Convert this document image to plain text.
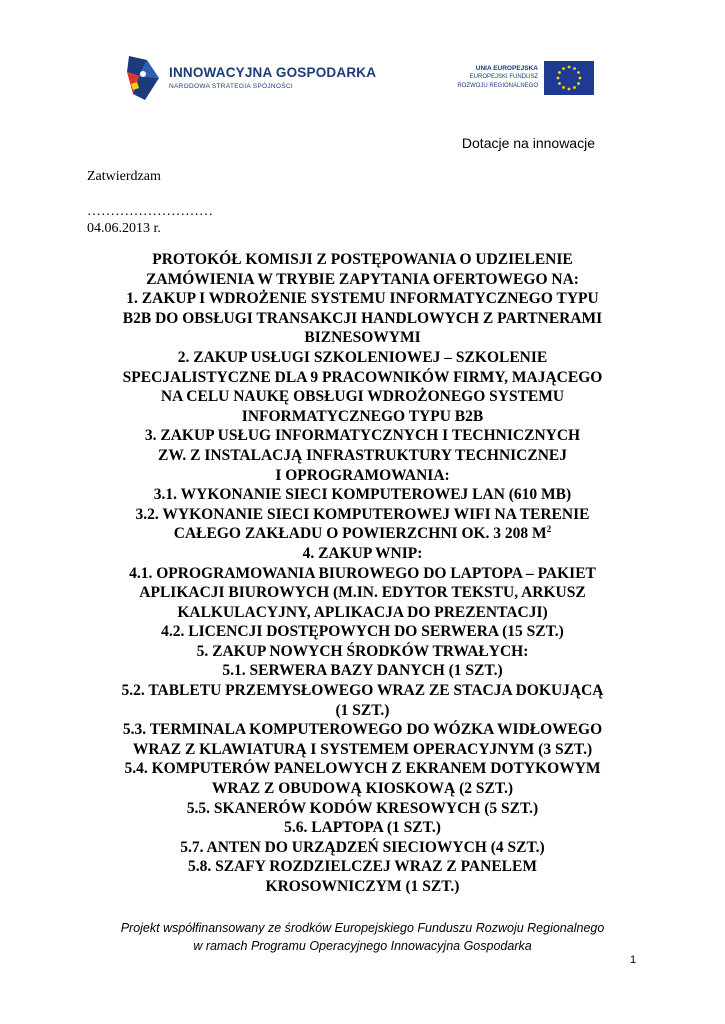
INNOWACYJNA GOSPODARKA
NARODOWA STRATEGIA SPÓJNOŚCI
UNIA EUROPEJSKA
EUROPEJSKI FUNDUSZ
ROZWOJU REGIONALNEGO
Dotacje na innowacje
Zatwierdzam
………………………
04.06.2013 r.
PROTOKÓŁ KOMISJI Z POSTĘPOWANIA O UDZIELENIE
ZAMÓWIENIA W TRYBIE ZAPYTANIA OFERTOWEGO NA:
1. ZAKUP I WDROŻENIE SYSTEMU INFORMATYCZNEGO TYPU
B2B DO OBSŁUGI TRANSAKCJI HANDLOWYCH Z PARTNERAMI
BIZNESOWYMI
2. ZAKUP USŁUGI SZKOLENIOWEJ – SZKOLENIE
SPECJALISTYCZNE DLA 9 PRACOWNIKÓW FIRMY, MAJĄCEGO
NA CELU NAUKĘ OBSŁUGI WDROŻONEGO SYSTEMU
INFORMATYCZNEGO TYPU B2B
3. ZAKUP USŁUG INFORMATYCZNYCH I TECHNICZNYCH
ZW. Z INSTALACJĄ INFRASTRUKTURY TECHNICZNEJ
I OPROGRAMOWANIA:
3.1. WYKONANIE SIECI KOMPUTEROWEJ LAN (610 MB)
3.2. WYKONANIE SIECI KOMPUTEROWEJ WIFI NA TERENIE
CAŁEGO ZAKŁADU O POWIERZCHNI OK. 3 208 $M^2$
4. ZAKUP WNIP:
4.1. OPROGRAMOWANIA BIUROWEGO DO LAPTOPA – PAKIET
APLIKACJI BIUROWYCH (M.IN. EDYTOR TEKSTU, ARKUSZ
KALKULACYJNY, APLIKACJA DO PREZENTACJI)
4.2. LICENCJI DOSTĘPOWYCH DO SERWERA (15 SZT.)
5. ZAKUP NOWYCH ŚRODKÓW TRWAŁYCH:
5.1. SERWERA BAZY DANYCH (1 SZT.)
5.2. TABLETU PRZEMYSŁOWEGO WRAZ ZE STACJA DOKUJĄCĄ
(1 SZT.)
5.3. TERMINALA KOMPUTEROWEGO DO WÓZKA WIDŁOWEGO
WRAZ Z KLAWIATURĄ I SYSTEMEM OPERACYJNYM (3 SZT.)
5.4. KOMPUTERÓW PANELOWYCH Z EKRANEM DOTYKOWYM
WRAZ Z OBUDOWĄ KIOSKOWĄ (2 SZT.)
5.5. SKANERÓW KODÓW KRESOWYCH (5 SZT.)
5.6. LAPTOPA (1 SZT.)
5.7. ANTEN DO URZĄDZEŃ SIECIOWYCH (4 SZT.)
5.8. SZAFY ROZDZIELCZEJ WRAZ Z PANELEM
KROSOWNICZYM (1 SZT.)
Projekt współfinansowany ze środków Europejskiego Funduszu Rozwoju Regionalnego
w ramach Programu Operacyjnego Innowacyjna Gospodarka
1
